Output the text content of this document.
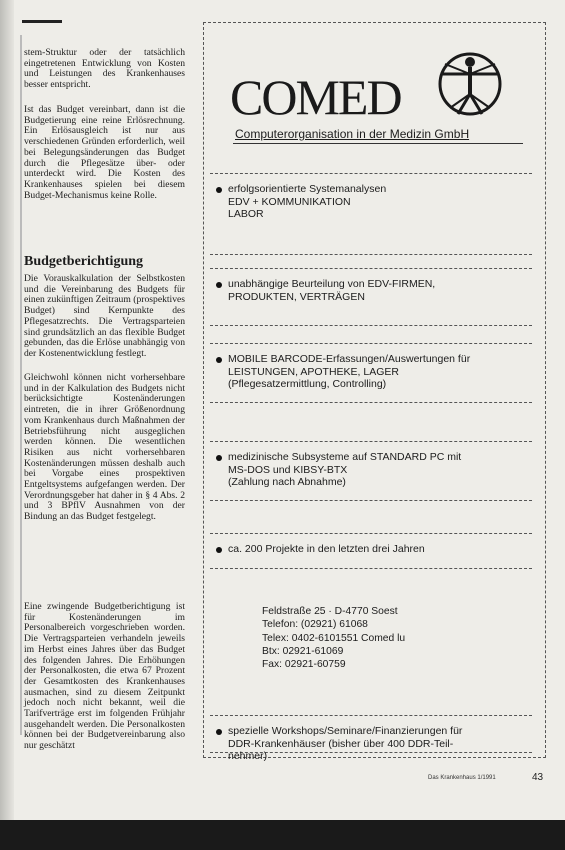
stem-Struktur oder der tatsächlich eingetretenen Entwicklung von Kosten und Leistungen des Krankenhauses besser entspricht.

Ist das Budget vereinbart, dann ist die Budgetierung eine reine Erlösrechnung. Ein Erlösausgleich ist nur aus verschiedenen Gründen erforderlich, weil bei Belegungsänderungen das Budget durch die Pflegesätze über- oder unterdeckt wird. Die Kosten des Krankenhauses spielen bei diesem Budget-Mechanismus keine Rolle.

Budgetberichtigung

Die Vorauskalkulation der Selbstkosten und die Vereinbarung des Budgets für einen zukünftigen Zeitraum (prospektives Budget) sind Kernpunkte des Pflegesatzrechts. Die Vertragsparteien sind grundsätzlich an das flexible Budget gebunden, das die Erlöse unabhängig von der Kostenentwicklung festlegt.

Gleichwohl können nicht vorhersehbare und in der Kalkulation des Budgets nicht berücksichtigte Kostenänderungen eintreten, die in ihrer Größenordnung vom Krankenhaus durch Maßnahmen der Betriebsführung nicht ausgeglichen werden können. Die wesentlichen Risiken aus nicht vorhersehbaren Kostenänderungen müssen deshalb auch bei Vorgabe eines prospektiven Entgeltsystems aufgefangen werden. Der Verordnungsgeber hat daher in § 4 Abs. 2 und 3 BPflV Ausnahmen von der Bindung an das Budget festgelegt.

Eine zwingende Budgetberichtigung ist für Kostenänderungen im Personalbereich vorgeschrieben worden. Die Vertragsparteien verhandeln jeweils im Herbst eines Jahres über das Budget des folgenden Jahres. Die Erhöhungen der Personalkosten, die etwa 67 Prozent der Gesamtkosten des Krankenhauses ausmachen, sind zu diesem Zeitpunkt jedoch noch nicht bekannt, weil die Tarifverträge erst im folgenden Frühjahr ausgehandelt werden. Die Personalkosten können bei der Budgetvereinbarung also nur geschätzt

COMED

Computerorganisation in der Medizin GmbH

erfolgsorientierte Systemanalysen
EDV + KOMMUNIKATION
LABOR
unabhängige Beurteilung von EDV-FIRMEN,
PRODUKTEN, VERTRÄGEN
MOBILE BARCODE-Erfassungen/Auswertungen für
LEISTUNGEN, APOTHEKE, LAGER
(Pflegesatzermittlung, Controlling)
medizinische Subsysteme auf STANDARD PC mit
MS-DOS und KIBSY-BTX
(Zahlung nach Abnahme)
ca. 200 Projekte in den letzten drei Jahren
Feldstraße 25 · D-4770 Soest
Telefon: (02921) 61068
Telex: 0402-6101551 Comed lu
Btx: 02921-61069
Fax: 02921-60759
spezielle Workshops/Seminare/Finanzierungen für
DDR-Krankenhäuser (bisher über 400 DDR-Teil-
nehmer)
Das Krankenhaus 1/1991	43
